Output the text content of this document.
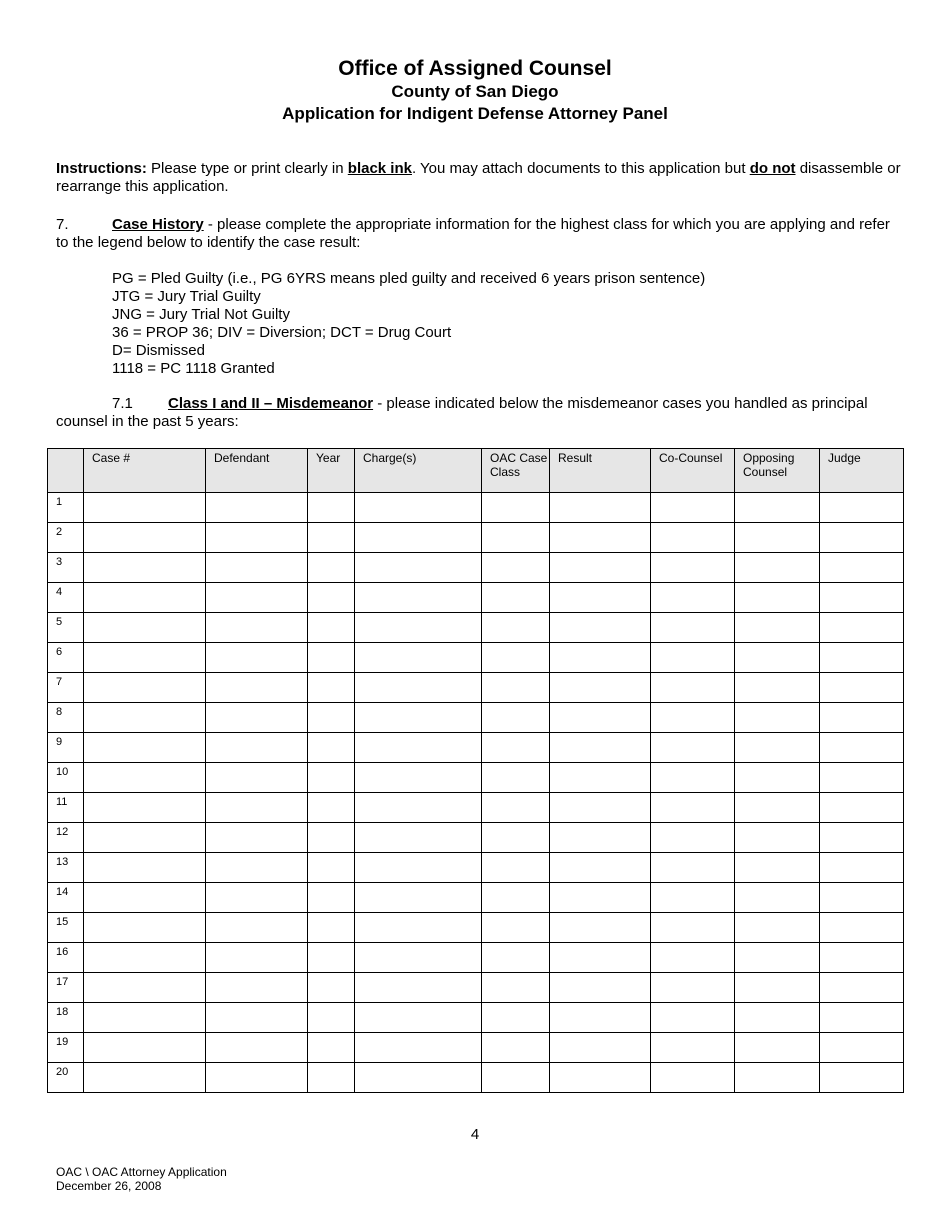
Office of Assigned Counsel
County of San Diego
Application for Indigent Defense Attorney Panel
Instructions: Please type or print clearly in black ink. You may attach documents to this application but do not disassemble or rearrange this application.
7.	Case History - please complete the appropriate information for the highest class for which you are applying and refer to the legend below to identify the case result:
PG = Pled Guilty (i.e., PG 6YRS means pled guilty and received 6 years prison sentence)
JTG = Jury Trial Guilty
JNG = Jury Trial Not Guilty
36 = PROP 36; DIV = Diversion; DCT = Drug Court
D= Dismissed
1118 = PC 1118 Granted
7.1 Class I and II – Misdemeanor - please indicated below the misdemeanor cases you handled as principal counsel in the past 5 years:
	Case #	Defendant	Year	Charge(s)	OAC Case Class	Result	Co-Counsel	Opposing Counsel	Judge
1									
2									
3									
4									
5									
6									
7									
8									
9									
10									
11									
12									
13									
14									
15									
16									
17									
18									
19									
20									
4
OAC \ OAC Attorney Application
December 26, 2008
